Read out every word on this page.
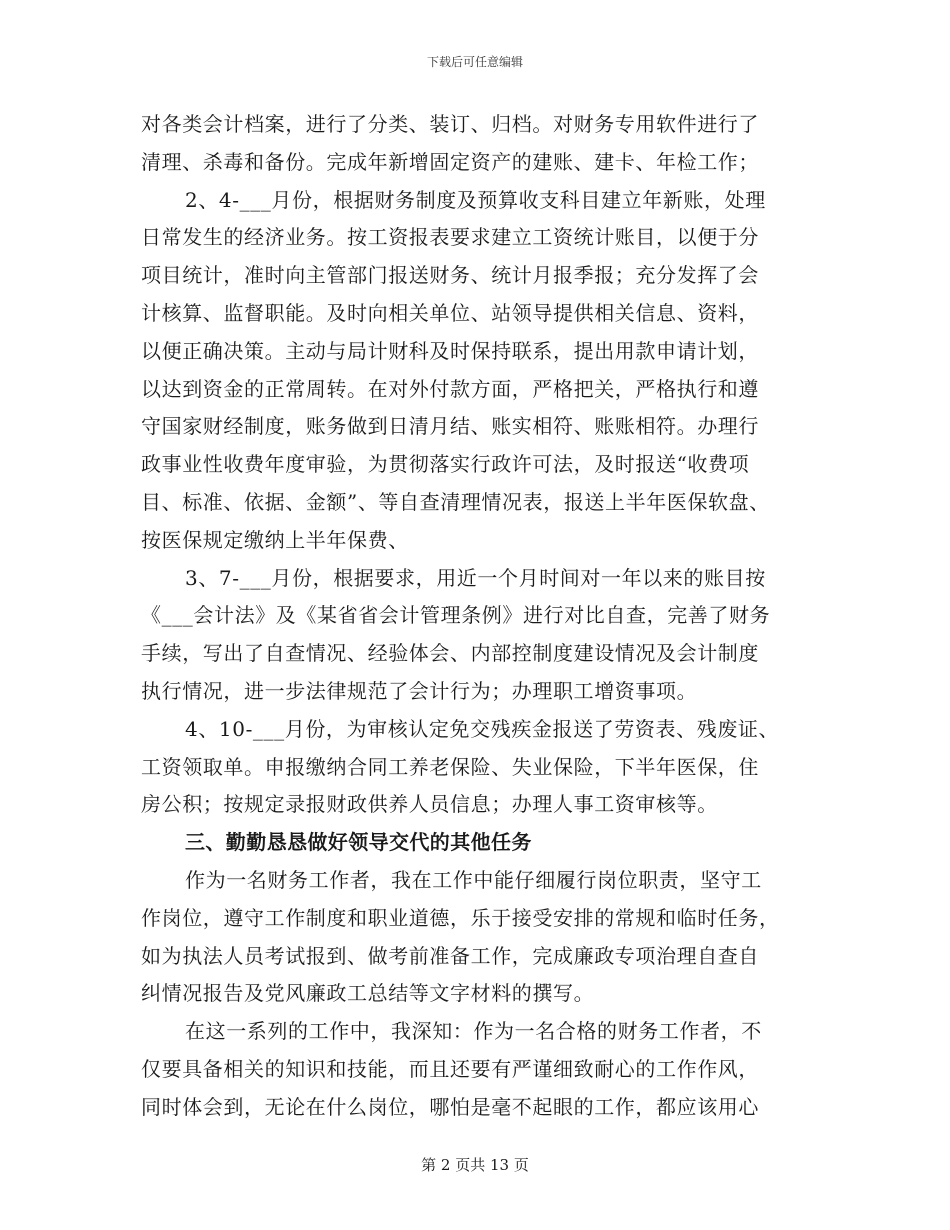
下载后可任意编辑
对各类会计档案，进行了分类、装订、归档。对财务专用软件进行了
清理、杀毒和备份。完成年新增固定资产的建账、建卡、年检工作；
2、4-___月份，根据财务制度及预算收支科目建立年新账，处理
日常发生的经济业务。按工资报表要求建立工资统计账目，以便于分
项目统计，准时向主管部门报送财务、统计月报季报；充分发挥了会
计核算、监督职能。及时向相关单位、站领导提供相关信息、资料，
以便正确决策。主动与局计财科及时保持联系，提出用款申请计划，
以达到资金的正常周转。在对外付款方面，严格把关，严格执行和遵
守国家财经制度，账务做到日清月结、账实相符、账账相符。办理行
政事业性收费年度审验，为贯彻落实行政许可法，及时报送“收费项
目、标准、依据、金额”、等自查清理情况表，报送上半年医保软盘、
按医保规定缴纳上半年保费、
3、7-___月份，根据要求，用近一个月时间对一年以来的账目按
《___会计法》及《某省省会计管理条例》进行对比自查，完善了财务
手续，写出了自查情况、经验体会、内部控制度建设情况及会计制度
执行情况，进一步法律规范了会计行为；办理职工增资事项。
4、10-___月份，为审核认定免交残疾金报送了劳资表、残废证、
工资领取单。申报缴纳合同工养老保险、失业保险，下半年医保，住
房公积；按规定录报财政供养人员信息；办理人事工资审核等。
三、勤勤恳恳做好领导交代的其他任务
作为一名财务工作者，我在工作中能仔细履行岗位职责，坚守工
作岗位，遵守工作制度和职业道德，乐于接受安排的常规和临时任务，
如为执法人员考试报到、做考前准备工作，完成廉政专项治理自查自
纠情况报告及党风廉政工总结等文字材料的撰写。
在这一系列的工作中，我深知：作为一名合格的财务工作者，不
仅要具备相关的知识和技能，而且还要有严谨细致耐心的工作作风，
同时体会到，无论在什么岗位，哪怕是毫不起眼的工作，都应该用心
第 2 页共 13 页
